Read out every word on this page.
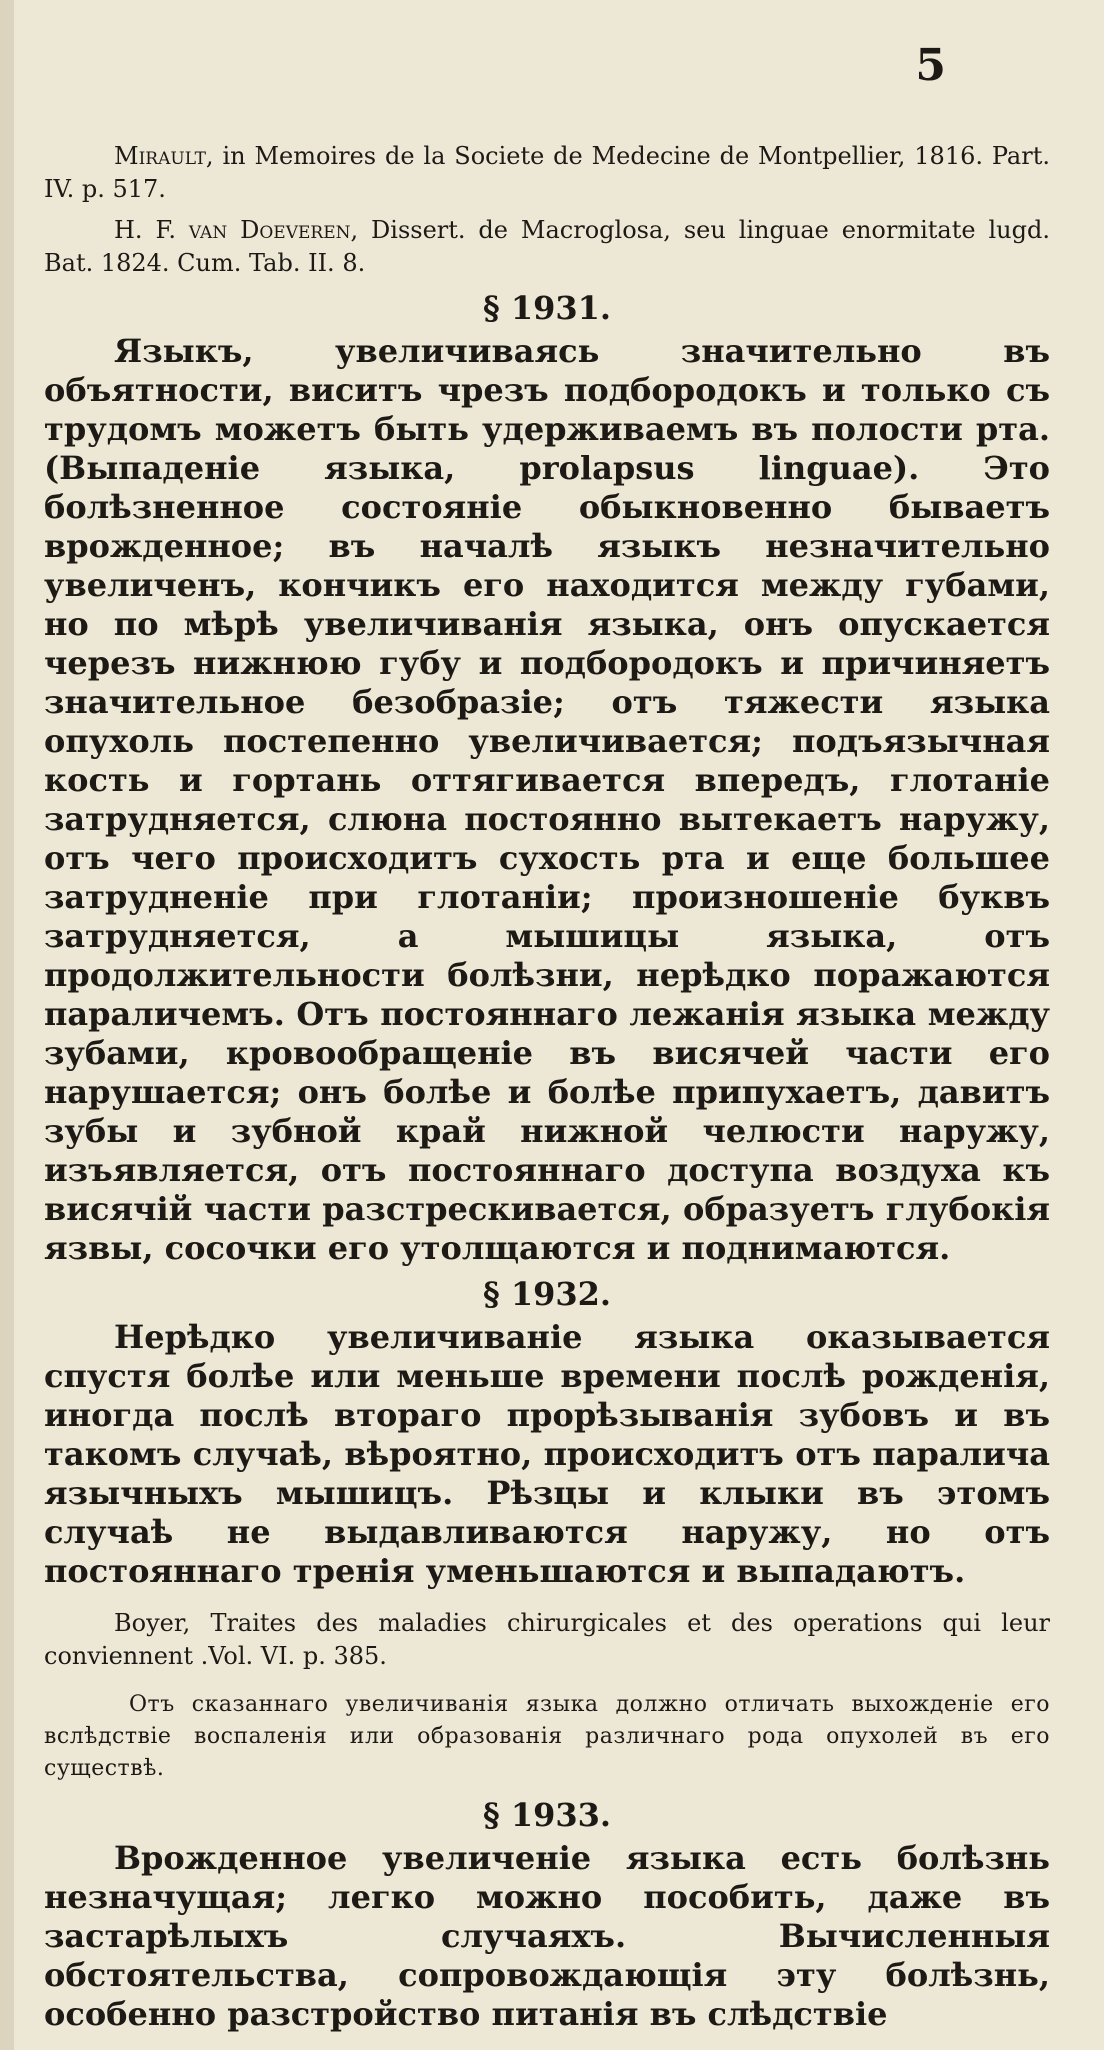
5

Mirault, in Memoires de la Societe de Medecine de Montpellier, 1816. Part. IV. p. 517.

H. F. van Doeveren, Dissert. de Macroglosa, seu linguae enormitate lugd. Bat. 1824. Cum. Tab. II. 8.

§ 1931.

Языкъ, увеличиваясь значительно въ объятности, виситъ чрезъ подбородокъ и только съ трудомъ можетъ быть удерживаемъ въ полости рта. (Выпаденіе языка, prolapsus linguae). Это болѣзненное состояніе обыкновенно бываетъ врожденное; въ началѣ языкъ незначительно увеличенъ, кончикъ его находится между губами, но по мѣрѣ увеличиванія языка, онъ опускается черезъ нижнюю губу и подбородокъ и причиняетъ значительное безобразіе; отъ тяжести языка опухоль постепенно увеличивается; подъязычная кость и гортань оттягивается впередъ, глотаніе затрудняется, слюна постоянно вытекаетъ наружу, отъ чего происходитъ сухость рта и еще большее затрудненіе при глотаніи; произношеніе буквъ затрудняется, а мышицы языка, отъ продолжительности болѣзни, нерѣдко поражаются параличемъ. Отъ постояннаго лежанія языка между зубами, кровообращеніе въ висячей части его нарушается; онъ болѣе и болѣе припухаетъ, давитъ зубы и зубной край нижной челюсти наружу, изъявляется, отъ постояннаго доступа воздуха къ висячій части разстрескивается, образуетъ глубокія язвы, сосочки его утолщаются и поднимаются.

§ 1932.

Нерѣдко увеличиваніе языка оказывается спустя болѣе или меньше времени послѣ рожденія, иногда послѣ втораго прорѣзыванія зубовъ и въ такомъ случаѣ, вѣроятно, происходитъ отъ паралича язычныхъ мышицъ. Рѣзцы и клыки въ этомъ случаѣ не выдавливаются наружу, но отъ постояннаго тренія уменьшаются и выпадаютъ.

Boyer, Traites des maladies chirurgicales et des operations qui leur conviennent .Vol. VI. p. 385.

Отъ сказаннаго увеличиванія языка должно отличать выхожденіе его вслѣдствіе воспаленія или образованія различнаго рода опухолей въ его существѣ.

§ 1933.

Врожденное увеличеніе языка есть болѣзнь незначущая; легко можно пособить, даже въ застарѣлыхъ случаяхъ. Вычисленныя обстоятельства, сопровождающія эту болѣзнь, особенно разстройство питанія въ слѣдствіе
